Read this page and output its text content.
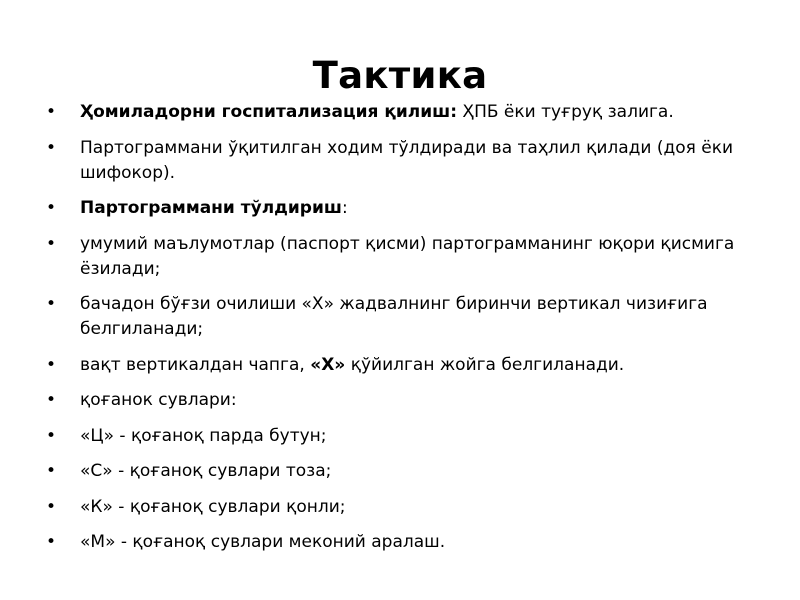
Тактика
• Ҳомиладорни госпитализация қилиш: ҲПБ ёки туғруқ залига.
• Партограммани ўқитилган ходим тўлдиради ва таҳлил қилади (доя ёки шифокор).
• Партограммани тўлдириш:
• умумий маълумотлар (паспорт қисми) партограмманинг юқори қисмига ёзилади;
• бачадон бўғзи очилиши «Х» жадвалнинг биринчи вертикал чизиғига белгиланади;
• вақт вертикалдан чапга, «Х» қўйилган жойга белгиланади.
• қоғанок сувлари:
• «Ц» - қоғаноқ парда бутун;
• «С» - қоғаноқ сувлари тоза;
• «К» - қоғаноқ сувлари қонли;
• «М» - қоғаноқ сувлари меконий аралаш.
